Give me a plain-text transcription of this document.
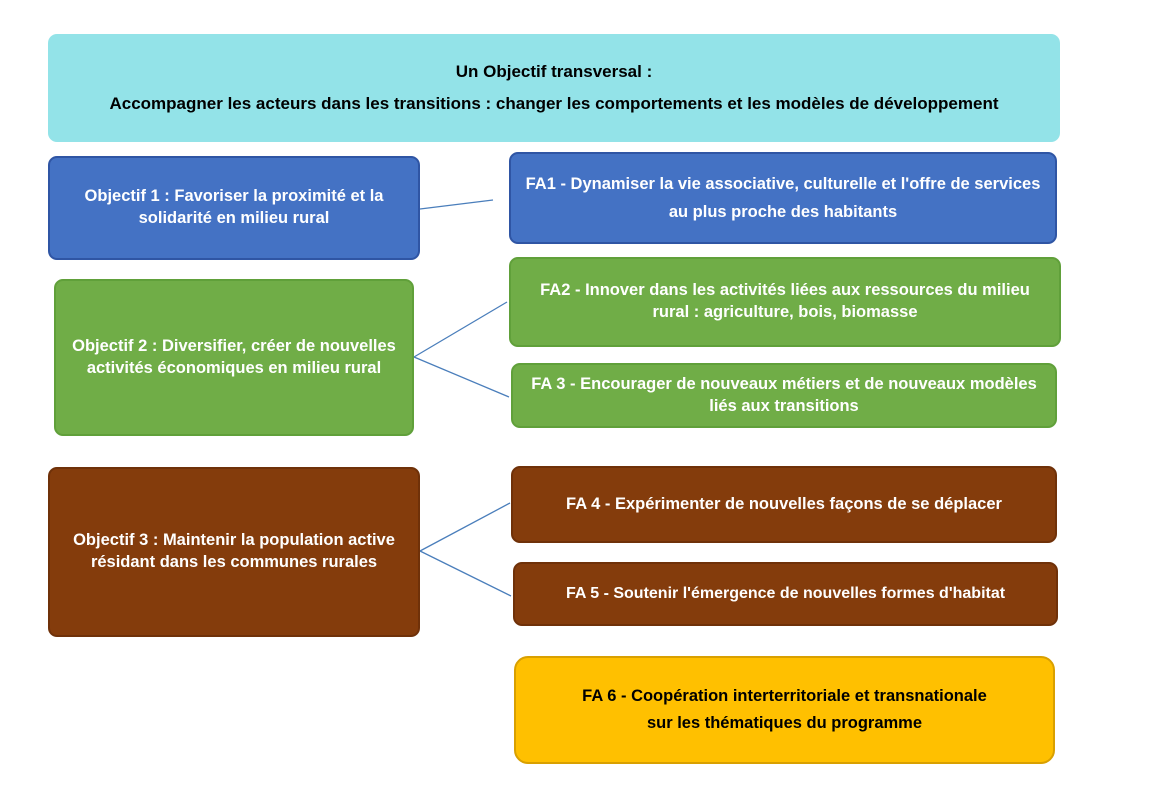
Un Objectif transversal :
Accompagner les acteurs dans les transitions : changer les comportements et les modèles de développement
Objectif 1 : Favoriser la proximité et la solidarité en milieu rural
Objectif 2 : Diversifier, créer de nouvelles activités économiques en milieu rural
Objectif 3 : Maintenir la population active résidant dans les communes rurales
FA1 - Dynamiser la vie associative, culturelle et l'offre de services
au plus proche des habitants
FA2 - Innover dans les activités liées aux ressources du milieu rural : agriculture, bois, biomasse
FA 3 - Encourager de nouveaux métiers et de nouveaux modèles liés aux transitions
FA 4 - Expérimenter de nouvelles façons de se déplacer
FA 5 - Soutenir l'émergence de nouvelles formes d'habitat
FA 6 - Coopération interterritoriale et transnationale
sur les thématiques du programme
